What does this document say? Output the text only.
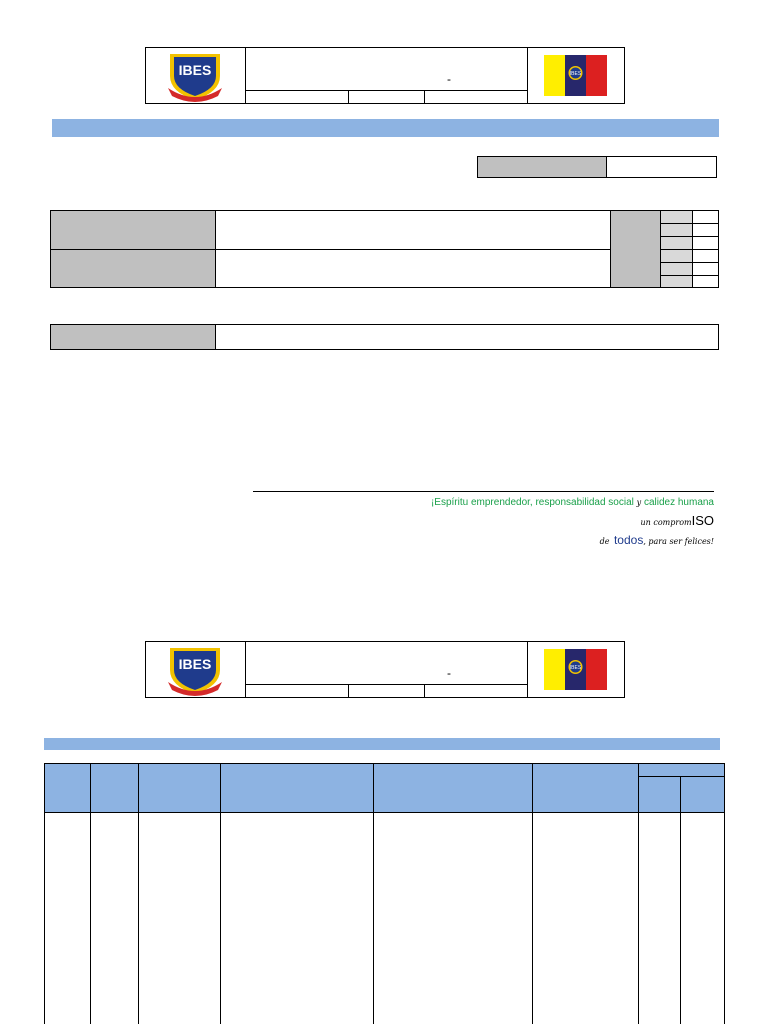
-
IBES	IBES
¡Espíritu emprendedor, responsabilidad social y calidez humana
un compromISO
de todos, para ser felices!
-
IBES	IBES
